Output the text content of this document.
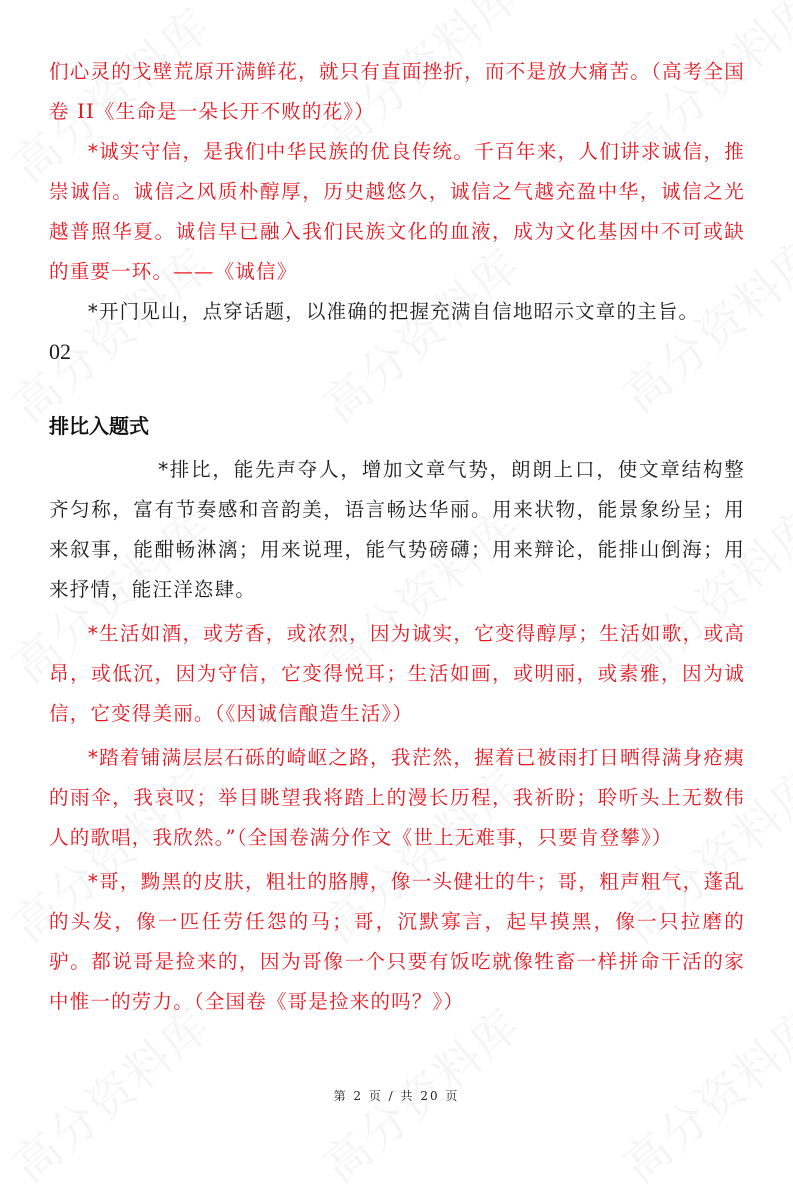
们心灵的戈壁荒原开满鲜花，就只有直面挫折，而不是放大痛苦。（高考全国卷 II《生命是一朵长开不败的花》）

*诚实守信，是我们中华民族的优良传统。千百年来，人们讲求诚信，推崇诚信。诚信之风质朴醇厚，历史越悠久，诚信之气越充盈中华，诚信之光越普照华夏。诚信早已融入我们民族文化的血液，成为文化基因中不可或缺的重要一环。——《诚信》

*开门见山，点穿话题，以准确的把握充满自信地昭示文章的主旨。

02

排比入题式

*排比，能先声夺人，增加文章气势，朗朗上口，使文章结构整齐匀称，富有节奏感和音韵美，语言畅达华丽。用来状物，能景象纷呈；用来叙事，能酣畅淋漓；用来说理，能气势磅礴；用来辩论，能排山倒海；用来抒情，能汪洋恣肆。

*生活如酒，或芳香，或浓烈，因为诚实，它变得醇厚；生活如歌，或高昂，或低沉，因为守信，它变得悦耳；生活如画，或明丽，或素雅，因为诚信，它变得美丽。（《因诚信酿造生活》）

*踏着铺满层层石砾的崎岖之路，我茫然，握着已被雨打日晒得满身疮痍的雨伞，我哀叹；举目眺望我将踏上的漫长历程，我祈盼；聆听头上无数伟人的歌唱，我欣然。”（全国卷满分作文《世上无难事，只要肯登攀》）

*哥，黝黑的皮肤，粗壮的胳膊，像一头健壮的牛；哥，粗声粗气，蓬乱的头发，像一匹任劳任怨的马；哥，沉默寡言，起早摸黑，像一只拉磨的驴。都说哥是捡来的，因为哥像一个只要有饭吃就像牲畜一样拼命干活的家中惟一的劳力。（全国卷《哥是捡来的吗？》）

第 2 页 / 共 20 页
